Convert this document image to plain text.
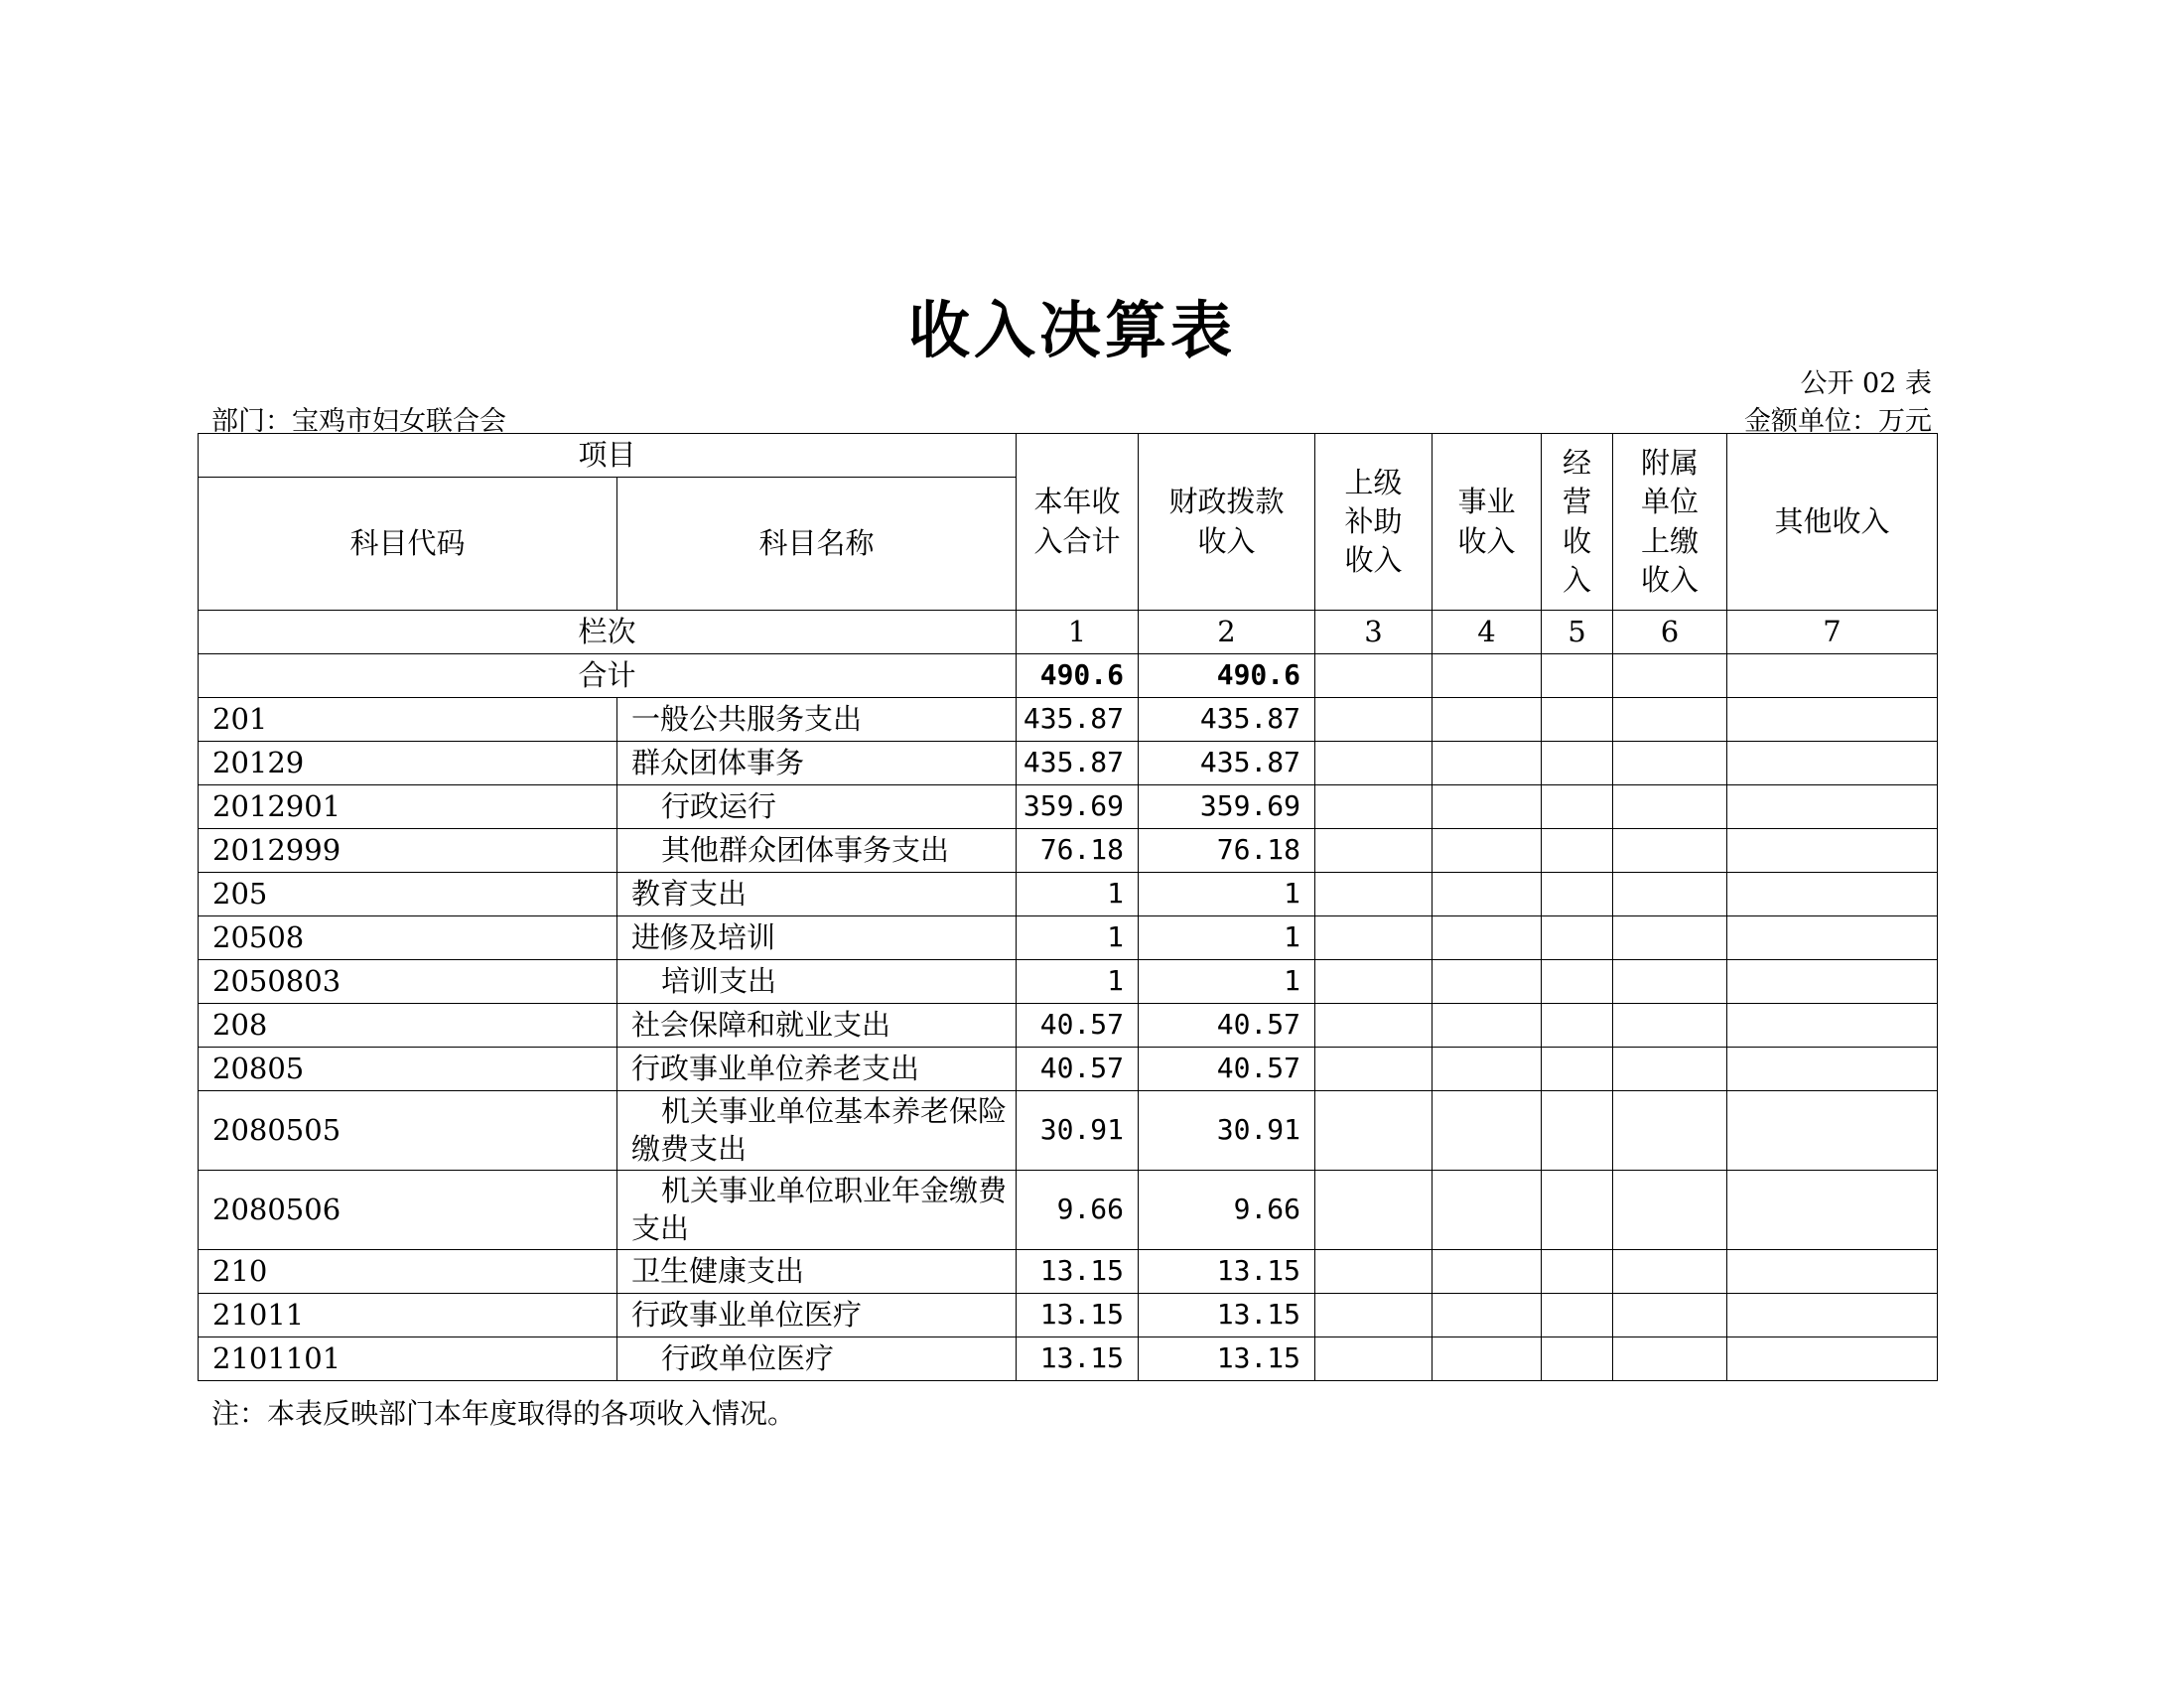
收入决算表
公开 02 表
部门：宝鸡市妇女联合会	金额单位：万元
项目		本年收入合计	财政拨款收入	上级补助收入	事业收入	经营收入	附属单位上缴收入	其他收入
科目代码	科目名称							
栏次		1	2	3	4	5	6	7
合计		490.6	490.6					
201	一般公共服务支出	435.87	435.87					
20129	群众团体事务	435.87	435.87					
2012901	行政运行	359.69	359.69					
2012999	其他群众团体事务支出	76.18	76.18					
205	教育支出	1	1					
20508	进修及培训	1	1					
2050803	培训支出	1	1					
208	社会保障和就业支出	40.57	40.57					
20805	行政事业单位养老支出	40.57	40.57					
2080505	机关事业单位基本养老保险缴费支出	30.91	30.91					
2080506	机关事业单位职业年金缴费支出	9.66	9.66					
210	卫生健康支出	13.15	13.15					
21011	行政事业单位医疗	13.15	13.15					
2101101	行政单位医疗	13.15	13.15					
注：本表反映部门本年度取得的各项收入情况。
